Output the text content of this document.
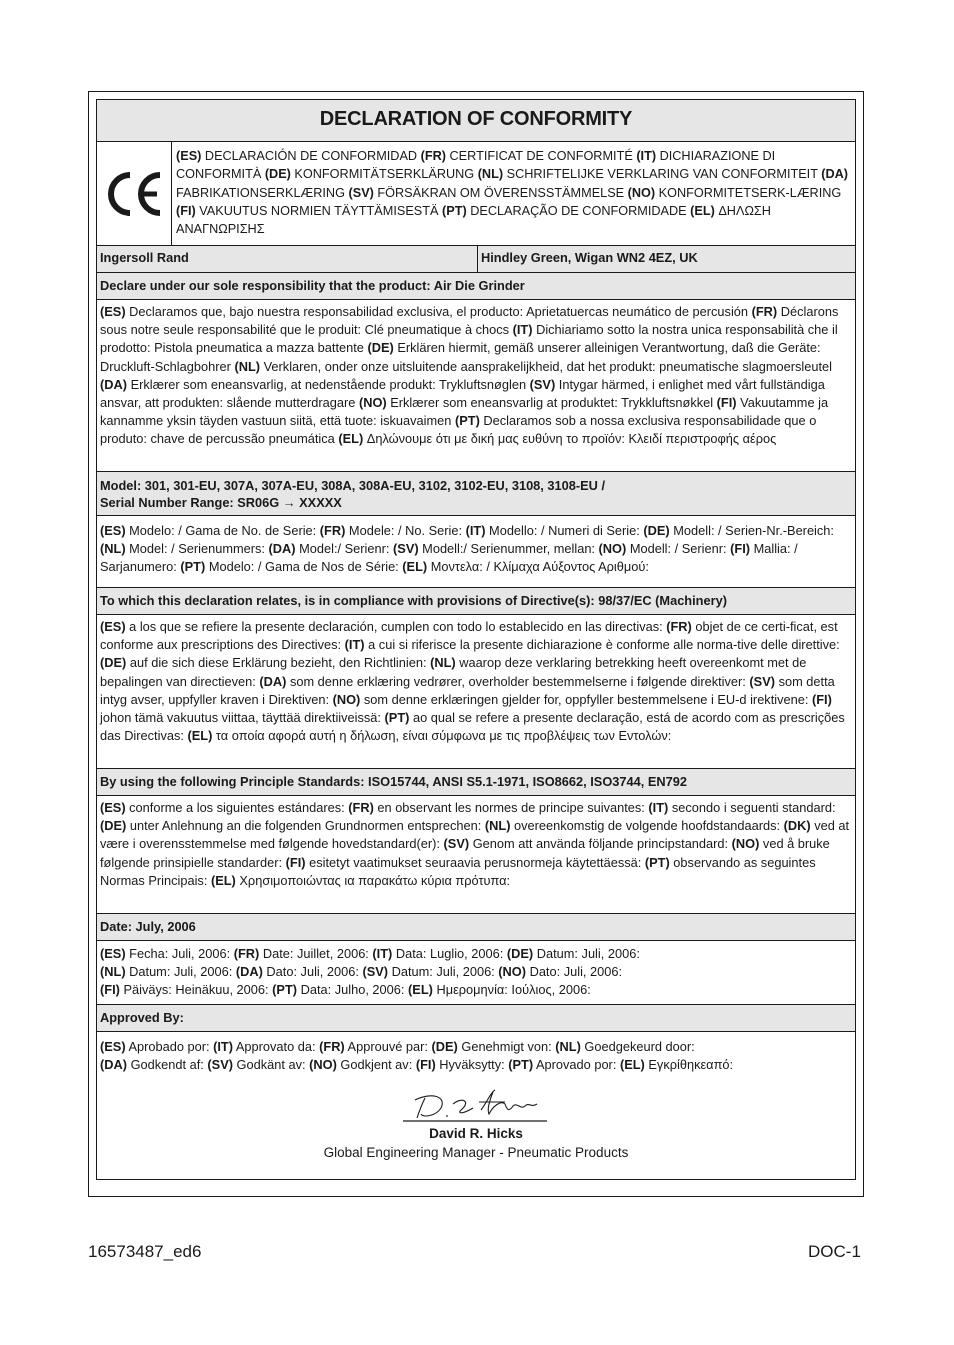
DECLARATION OF CONFORMITY
(ES) DECLARACIÓN DE CONFORMIDAD (FR) CERTIFICAT DE CONFORMITÉ (IT) DICHIARAZIONE DI CONFORMITÀ (DE) KONFORMITÄTSERKLÄRUNG (NL) SCHRIFTELIJKE VERKLARING VAN CONFORMITEIT (DA) FABRIKATIONSERKLÆRING (SV) FÖRSÄKRAN OM ÖVERENSSTÄMMELSE (NO) KONFORMITETSERK-LÆRING (FI) VAKUUTUS NORMIEN TÄYTTÄMISESTÄ (PT) DECLARAÇÃO DE CONFORMIDADE (EL) ΔΗΛΩΣΗ ΑΝΑΓΝΩΡΙΣΗΣ
Ingersoll Rand	Hindley Green, Wigan WN2 4EZ, UK
Declare under our sole responsibility that the product: Air Die Grinder
(ES) Declaramos que, bajo nuestra responsabilidad exclusiva, el producto: Aprietatuercas neumático de percusión (FR) Déclarons sous notre seule responsabilité que le produit: Clé pneumatique à chocs (IT) Dichiariamo sotto la nostra unica responsabilità che il prodotto: Pistola pneumatica a mazza battente (DE) Erklären hiermit, gemäß unserer alleinigen Verantwortung, daß die Geräte: Druckluft-Schlagbohrer (NL) Verklaren, onder onze uitsluitende aansprakelijkheid, dat het produkt: pneumatische slagmoersleutel (DA) Erklærer som eneansvarlig, at nedenstående produkt: Trykluftsnøglen (SV) Intygar härmed, i enlighet med vårt fullständiga ansvar, att produkten: slående mutterdragare (NO) Erklærer som eneansvarlig at produktet: Trykkluftsnøkkel (FI) Vakuutamme ja kannamme yksin täyden vastuun siitä, että tuote: iskuavaimen (PT) Declaramos sob a nossa exclusiva responsabilidade que o produto: chave de percussão pneumática (EL) Δηλώνουμε ότι με δική μας ευθύνη το προϊόν: Κλειδί περιστροφής αέρος
Model: 301, 301-EU, 307A, 307A-EU, 308A, 308A-EU, 3102, 3102-EU, 3108, 3108-EU /
Serial Number Range: SR06G → XXXXX
(ES) Modelo: / Gama de No. de Serie: (FR) Modele: / No. Serie: (IT) Modello: / Numeri di Serie: (DE) Modell: / Serien-Nr.-Bereich: (NL) Model: / Serienummers: (DA) Model:/ Serienr: (SV) Modell:/ Serienummer, mellan: (NO) Modell: / Serienr: (FI) Mallia: / Sarjanumero: (PT) Modelo: / Gama de Nos de Série: (EL) Μοντελα: / Κλίμαχα Αύξοντος Αριθμού:
To which this declaration relates, is in compliance with provisions of Directive(s): 98/37/EC (Machinery)
(ES) a los que se refiere la presente declaración, cumplen con todo lo establecido en las directivas: (FR) objet de ce certi-ficat, est conforme aux prescriptions des Directives: (IT) a cui si riferisce la presente dichiarazione è conforme alle norma-tive delle direttive: (DE) auf die sich diese Erklärung bezieht, den Richtlinien: (NL) waarop deze verklaring betrekking heeft overeenkomt met de bepalingen van directieven: (DA) som denne erklæring vedrører, overholder bestemmelserne i følgende direktiver: (SV) som detta intyg avser, uppfyller kraven i Direktiven: (NO) som denne erklæringen gjelder for, oppfyller bestemmelsene i EU-d irektivene: (FI) johon tämä vakuutus viittaa, täyttää direktiiveissä: (PT) ao qual se refere a presente declaração, está de acordo com as prescrições das Directivas: (EL) τα οποία αφορά αυτή η δήλωση, είναι σύμφωνα με τις προβλέψεις των Εντολών:
By using the following Principle Standards: ISO15744, ANSI S5.1-1971, ISO8662, ISO3744, EN792
(ES) conforme a los siguientes estándares: (FR) en observant les normes de principe suivantes: (IT) secondo i seguenti standard: (DE) unter Anlehnung an die folgenden Grundnormen entsprechen: (NL) overeenkomstig de volgende hoofdstandaards: (DK) ved at være i overensstemmelse med følgende hovedstandard(er): (SV) Genom att använda följande principstandard: (NO) ved å bruke følgende prinsipielle standarder: (FI) esitetyt vaatimukset seuraavia perusnormeja käytettäessä: (PT) observando as seguintes Normas Principais: (EL) Χρησιμοποιώντας ια παρακάτω κύρια πρότυπα:
Date: July, 2006
(ES) Fecha: Juli, 2006: (FR) Date: Juillet, 2006: (IT) Data: Luglio, 2006: (DE) Datum: Juli, 2006:
(NL) Datum: Juli, 2006: (DA) Dato: Juli, 2006: (SV) Datum: Juli, 2006: (NO) Dato: Juli, 2006:
(FI) Päiväys: Heinäkuu, 2006: (PT) Data: Julho, 2006: (EL) Ημερομηνία: Ιούλιος, 2006:
Approved By:
(ES) Aprobado por: (IT) Approvato da: (FR) Approuvé par: (DE) Genehmigt von: (NL) Goedgekeurd door:
(DA) Godkendt af: (SV) Godkänt av: (NO) Godkjent av: (FI) Hyväksytty: (PT) Aprovado por: (EL) Εγκρίθηκεαπό:
David R. Hicks
Global Engineering Manager - Pneumatic Products
16573487_ed6	DOC-1
